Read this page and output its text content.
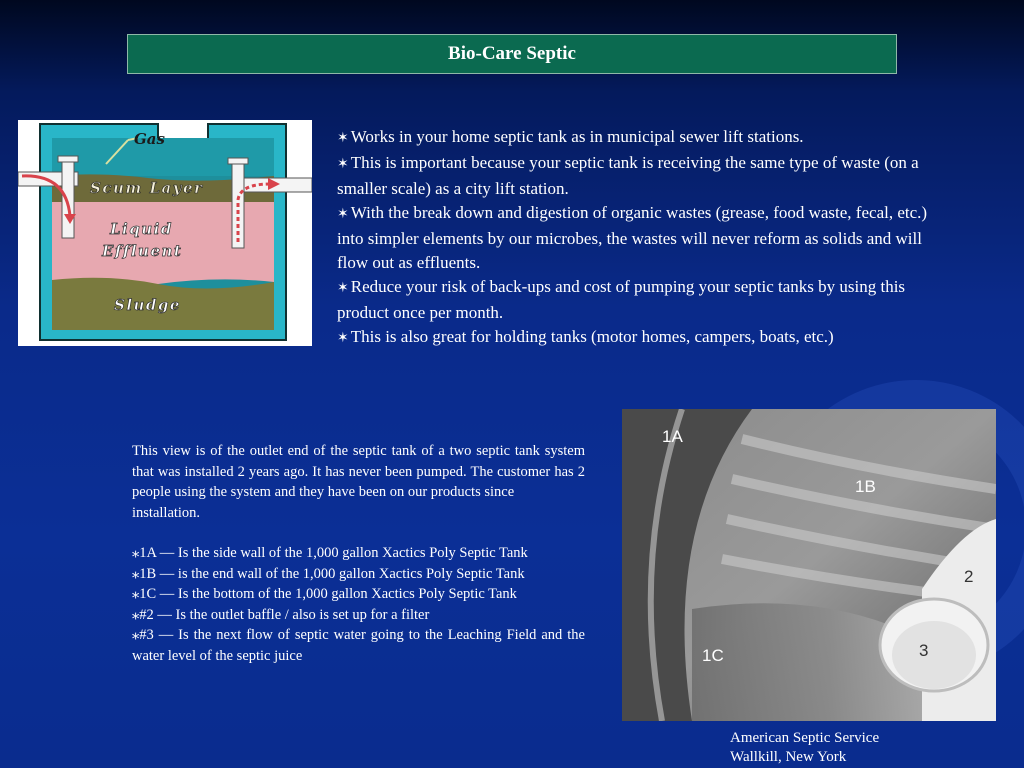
Bio-Care Septic
Gas
Scum Layer
Liquid
Effluent
Sludge

✶ Works in your home septic tank as in municipal sewer lift stations.

✶ This is important because your septic tank is receiving the same type of waste (on a smaller scale) as a city lift station.

✶ With the break down and digestion of organic wastes (grease, food waste, fecal, etc.) into simpler elements by our microbes, the wastes will never reform as solids and will flow out as effluents.

✶ Reduce your risk of back-ups and cost of pumping your septic tanks by using this product once per month.

✶ This is also great for holding tanks (motor homes, campers, boats, etc.)

This view is of the outlet end of the septic tank of a two septic tank system that was installed 2 years ago. It has never been pumped. The customer has 2 people using the system and they have been on our products since

installation.

⁎1A — Is the side wall of the 1,000 gallon Xactics Poly Septic Tank

⁎1B — is the end wall of the 1,000 gallon Xactics Poly Septic Tank

⁎1C — Is the bottom of the 1,000 gallon Xactics Poly Septic Tank

⁎#2 — Is the outlet baffle / also is set up for a filter

⁎#3 — Is the next flow of septic water going to the Leaching Field and the water level of the septic juice

1A
1B
1C
2
3
American Septic Service
Wallkill, New York
